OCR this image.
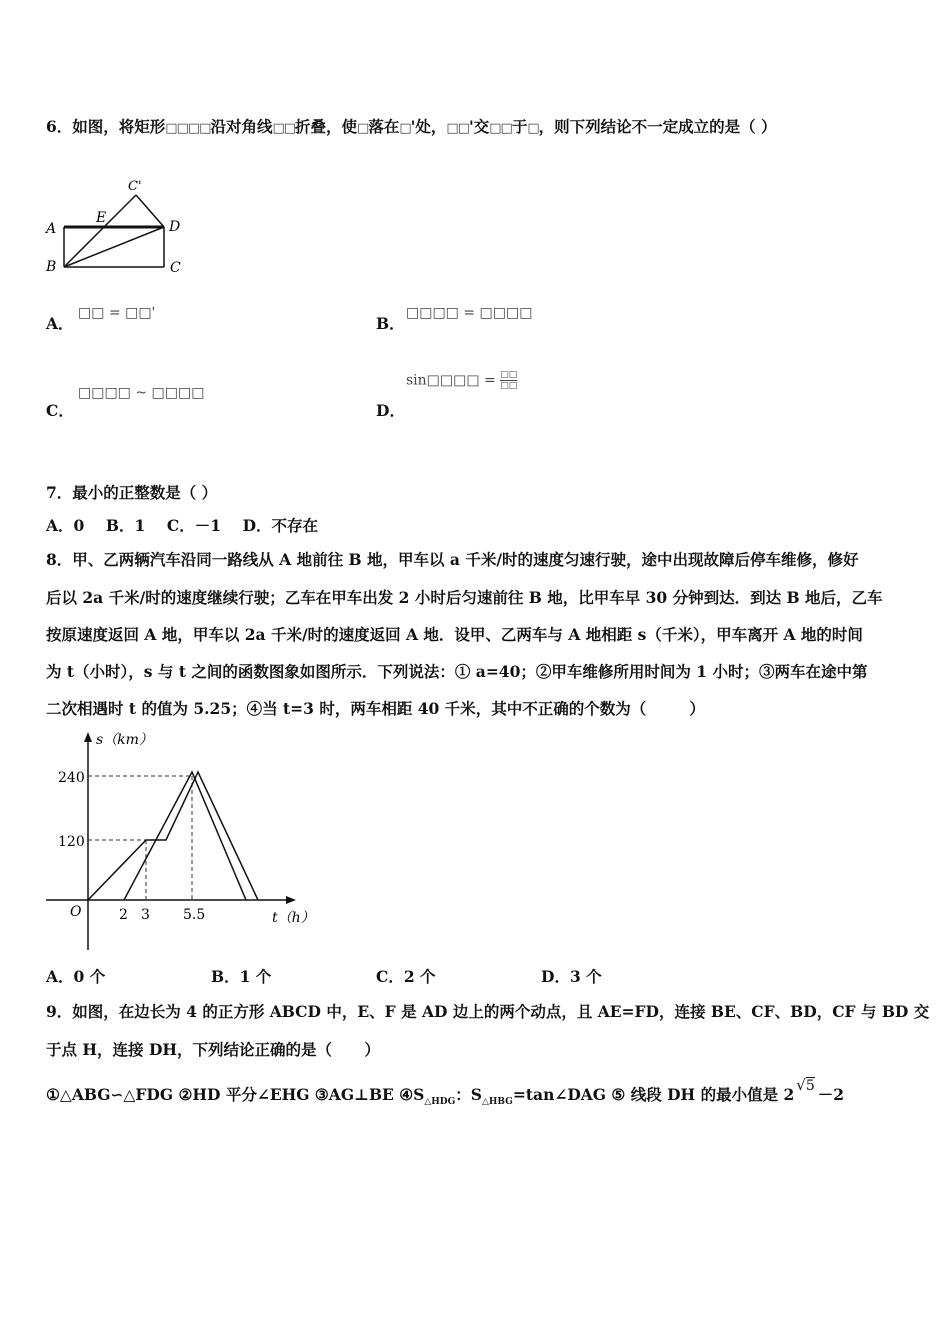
6．如图，将矩形□□□□沿对角线□□折叠，使□落在□'处，□□'交□□于□，则下列结论不一定成立的是（ ）
A
B	C
D
E
C'
A．
□□ = □□'
B．
□□□□ = □□□□
C．
□□□□ ~ □□□□
D．
sin□□□□ = $\frac{□□}{□□}$
7．最小的正整数是（ ）
A．0    B．1    C．－1    D．不存在
8．甲、乙两辆汽车沿同一路线从 A 地前往 B 地，甲车以 a 千米/时的速度匀速行驶，途中出现故障后停车维修，修好
后以 2a 千米/时的速度继续行驶；乙车在甲车出发 2 小时后匀速前往 B 地，比甲车早 30 分钟到达．到达 B 地后，乙车
按原速度返回 A 地，甲车以 2a 千米/时的速度返回 A 地．设甲、乙两车与 A 地相距 s（千米），甲车离开 A 地的时间
为 t（小时），s 与 t 之间的函数图象如图所示．下列说法：① a=40；②甲车维修所用时间为 1 小时；③两车在途中第
二次相遇时 t 的值为 5.25；④当 t=3 时，两车相距 40 千米，其中不正确的个数为（        ）
s（km）
t（h）
O
240
120
2 3 5.5
A．0 个	B．1 个	C．2 个	D．3 个
9．如图，在边长为 4 的正方形 ABCD 中，E、F 是 AD 边上的两个动点，且 AE=FD，连接 BE、CF、BD，CF 与 BD 交
于点 H，连接 DH，下列结论正确的是（      ）
①△ABG∽△FDG ②HD 平分∠EHG ③AG⊥BE $④S_{\triangle HDG}$：$S_{\triangle HBG}=\tan\angle DAG$ ⑤ 线段 DH 的最小值是 2 √5 －2
